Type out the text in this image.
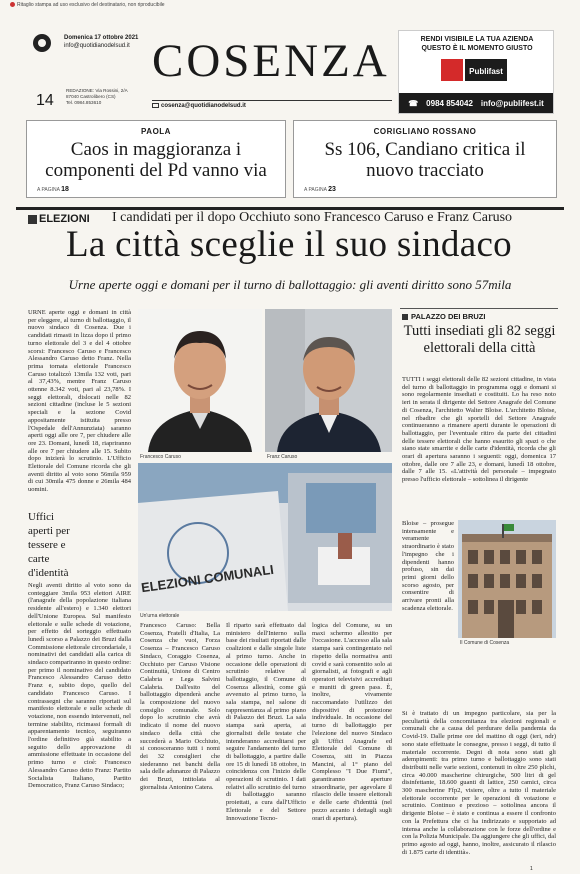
Ritaglio stampa ad uso esclusivo del destinatario, non riproducibile
Domenica 17 ottobre 2021
info@quotidianodelsud.it COSENZA
14
REDAZIONE: Via Rossini, 2/A
87040 Castrolibero (CS)
Tel. 0984.853610
cosenza@quotidianodelsud.it
RENDI VISIBILE LA TUA AZIENDA
QUESTO È IL MOMENTO GIUSTO
Publifast
☎ 0984 854042 info@publifest.it
PAOLA
Caos in maggioranza i componenti del Pd vanno via
A PAGINA 18
CORIGLIANO ROSSANO
Ss 106, Candiano critica il nuovo tracciato
A PAGINA 23
ELEZIONI I candidati per il dopo Occhiuto sono Francesco Caruso e Franz Caruso
La città sceglie il suo sindaco
Urne aperte oggi e domani per il turno di ballottaggio: gli aventi diritto sono 57mila

URNE aperte oggi e domani in città per eleggere, al turno di ballottaggio, il nuovo sindaco di Cosenza. Due i candidati rimasti in lizza dopo il primo turno elettorale del 3 e del 4 ottobre scorsi: Francesco Caruso e Francesco Alessandro Caruso detto Franz. Nella prima tornata elettorale Francesco Caruso totalizzò 13mila 132 voti, pari al 37,43%, mentre Franz Caruso ottenne 8.342 voti, pari al 23,78%. I seggi elettorali, dislocati nelle 82 sezioni cittadine (incluse le 5 sezioni speciali e la sezione Covid appositamente istituita presso l'Ospedale dell'Annunziata) saranno aperti oggi alle ore 7, per chiudere alle ore 23. Domani, lunedì 18, riapriranno alle ore 7 per chiudere alle 15. Subito dopo inizierà lo scrutinio. L'Ufficio Elettorale del Comune ricorda che gli aventi diritto al voto sono 56mila 959 di cui 30mila 475 donne e 26mila 484 uomini.

Uffici aperti per tessere e carte d'identità

Negli aventi diritto al voto sono da conteggiare 3mila 953 elettori AIRE (l'anagrafe della popolazione italiana residente all'estero) e 1.340 elettori dell'Unione Europea. Sul manifesto elettorale e sulle schede di votazione, per effetto del sorteggio effettuato lunedì scorso a Palazzo dei Bruzi dalla Commissione elettorale circondariale, i nominativi dei candidati alla carica di sindaco compariranno in questo ordine: per primo il nominativo del candidato Francesco Alessandro Caruso detto Franz e, subito dopo, quello del candidato Francesco Caruso. I contrassegni che saranno riportati sul manifesto elettorale e sulle schede di votazione, non essendo intervenuti, nel termine stabilito, ricimassi formali di apparentamento tecnico, seguiranno l'ordine definitivo già stabilito a seguito dello approvazione di ammissione effettuate in occasione del primo turno e cioè: Francesco Alessandro Caruso detto Franz: Partito Socialista Italiano, Partito Democratico, Franz Caruso Sindaco;

Francesco Caruso	Franz Caruso
ELEZIONI COMUNALI
Un'urna elettorale

Francesco Caruso: Bella Cosenza, Fratelli d'Italia, La Cosenza che vuoi, Forza Cosenza – Francesco Caruso Sindaco, Coraggio Cosenza, Occhiuto per Caruso Visione Continuità, Unione di Centro Calabria e Lega Salvini Calabria. Dall'esito del ballottaggio dipenderà anche la composizione del nuovo consiglio comunale. Solo dopo lo scrutinio che avrà indicato il nome del nuovo sindaco della città che succederà a Mario Occhiuto, si conosceranno tutti i nomi dei 32 consiglieri che siederanno nei banchi della sala delle adunanze di Palazzo dei Bruzi, intitolata al giornalista Antonino Catera.

Il riparto sarà effettuato dal ministero dell'Interno sulla base dei risultati riportati dalle coalizioni e dalle singole liste al primo turno. Anche in occasione delle operazioni di scrutinio relative al ballottaggio, il Comune di Cosenza allestirà, come già avvenuto al primo turno, la sala stampa, nel salone di rappresentanza al primo piano di Palazzo dei Bruzi. La sala stampa sarà aperta, ai giornalisti delle testate che intenderanno accreditarsi per seguire l'andamento del turno di ballottaggio, a partire dalle ore 15 di lunedì 18 ottobre, in coincidenza con l'inizio delle operazioni di scrutinio. I dati relativi allo scrutinio del turno di ballottaggio saranno proiettati, a cura dall'Ufficio Elettorale e del Settore Innovazione Tecno-

logica del Comune, su un maxi schermo allestito per l'occasione. L'accesso alla sala stampa sarà contingentato nel rispetto della normativa anti covid e sarà consentito solo ai giornalisti, ai fotografi e agli operatori televisivi accreditati e muniti di green pass. È, inoltre, vivamente raccomandato l'utilizzo dei dispositivi di protezione individuale. In occasione del turno di ballottaggio per l'elezione del nuovo Sindaco gli Uffici Anagrafe ed Elettorale del Comune di Cosenza, siti in Piazza Mancini, al 1° piano del Complesso "I Due Fiumi", garantiranno aperture straordinarie, per agevolare il rilascio delle tessere elettorali e delle carte d'identità (nel pezzo accanto i dettagli sugli orari di apertura).

PALAZZO DEI BRUZI
Tutti insediati gli 82 seggi elettorali della città

TUTTI i seggi elettorali delle 82 sezioni cittadine, in vista del turno di ballottaggio in programma oggi e domani si sono regolarmente insediati e costituiti. Lo ha reso noto ieri in serata il dirigente del Settore Anagrafe del Comune di Cosenza, l'architetto Walter Bloise. L'architetto Bloise, nel ribadire che gli sportelli del Settore Anagrafe continueranno a rimanere aperti durante le operazioni di ballottaggio, per l'eventuale ritiro da parte dei cittadini delle tessere elettorali che hanno esaurito gli spazi o che siano state smarrite e delle carte d'identità, ricorda che gli orari di apertura saranno i seguenti: oggi, domenica 17 ottobre, dalle ore 7 alle 23, e domani, lunedì 18 ottobre, dalle 7 alle 15. «L'attività del personale – impegnato presso l'ufficio elettorale – sottolinea il dirigente

Bloise – prosegue intensamente e veramente straordinario è stato l'impegno che i dipendenti hanno profuso, sin dai primi giorni dello scorso agosto, per consentire di arrivare pronti alla scadenza elettorale.

Il Comune di Cosenza

Si è trattato di un impegno particolare, sia per la peculiarità della concomitanza tra elezioni regionali e comunali che a causa del perdurare della pandemia da Covid-19. Dalle prime ore del mattino di oggi (ieri, ndr) sono state effettuate le consegne, presso i seggi, di tutto il materiale occorrente. Degni di nota sono stati gli adempimenti: tra primo turno e ballottaggio sono stati distribuiti nelle varie sezioni, contenuti in oltre 250 plichi, circa 40.000 mascherine chirurgiche, 500 litri di gel disinfettante, 18.600 guanti di lattice, 250 camici, circa 300 mascherine Ffp2, visiere, oltre a tutto il materiale elettorale occorrente per le operazioni di votazione e scrutinio. Continuo e prezioso – sottolinea ancora il dirigente Bloise – è stato e continua a essere il confronto con la Prefettura che ci ha indirizzato e supportato ad intensa anche la collaborazione con le forze dell'ordine e con la Polizia Municipale. Da aggiungere che gli uffici, dal primo agosto ad oggi, hanno, inoltre, assicurato il rilascio di 1.875 carte di identità».

1
